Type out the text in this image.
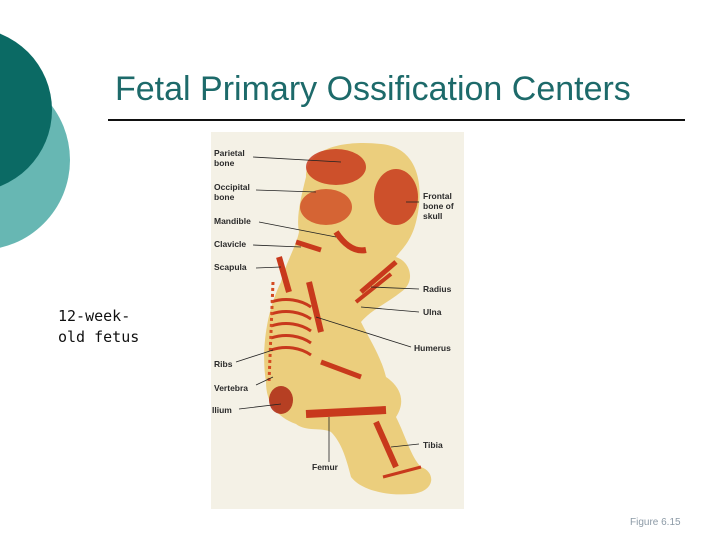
Fetal Primary Ossification Centers
12-week-
old fetus
Parietal
bone
Occipital
bone
Mandible
Clavicle
Scapula
Ribs
Vertebra
Ilium
Frontal
bone of
skull
Radius
Ulna
Humerus
Tibia
Femur
Figure 6.15
